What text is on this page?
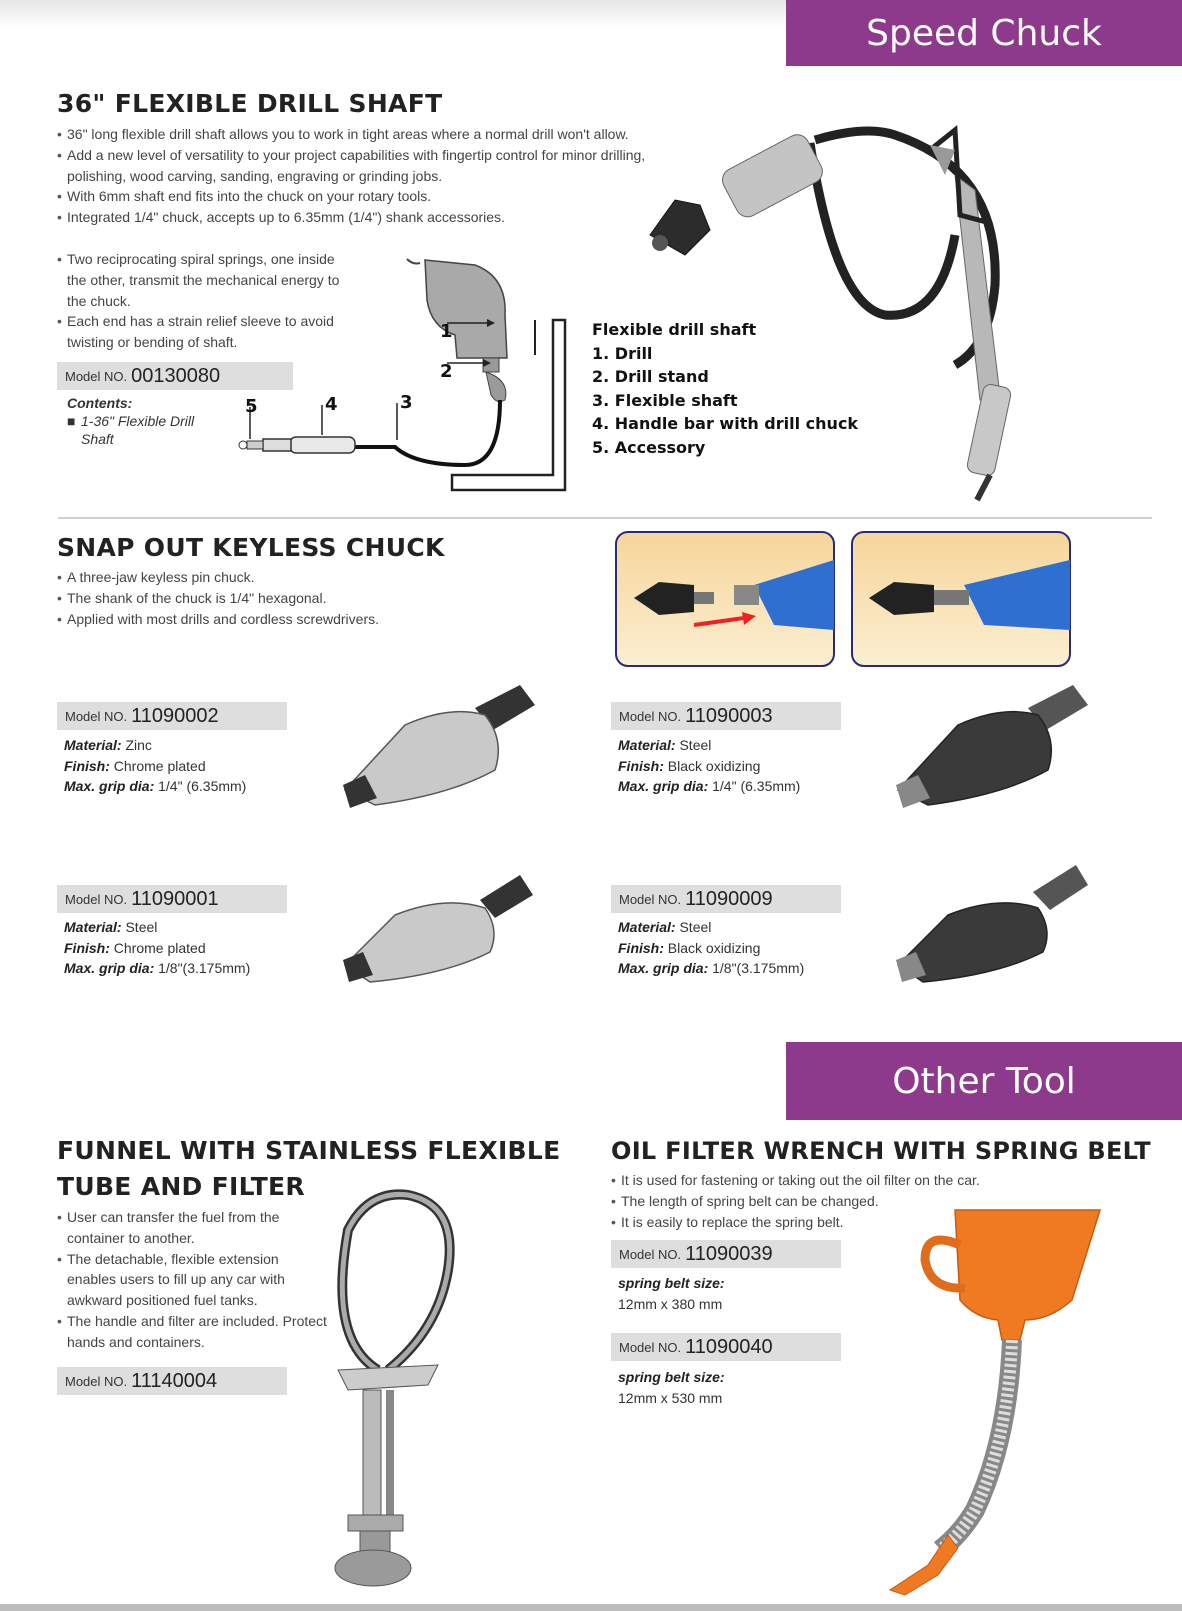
Speed Chuck
Other Tool
36" FLEXIBLE DRILL SHAFT
• 36" long flexible drill shaft allows you to work in tight areas where a normal drill won't allow.
• Add a new level of versatility to your project capabilities with fingertip control for minor drilling, polishing, wood carving, sanding, engraving or grinding jobs.
• With 6mm shaft end fits into the chuck on your rotary tools.
• Integrated 1/4" chuck, accepts up to 6.35mm (1/4") shank accessories.
• Two reciprocating spiral springs, one inside the other, transmit the mechanical energy to the chuck.
• Each end has a strain relief sleeve to avoid twisting or bending of shaft.
Model NO. 00130080
Contents:
■ 1-36" Flexible Drill Shaft
1
2
3
4
5
Flexible drill shaft
1. Drill
2. Drill stand
3. Flexible shaft
4. Handle bar with drill chuck
5. Accessory
SNAP OUT KEYLESS CHUCK
• A three-jaw keyless pin chuck.
• The shank of the chuck is 1/4" hexagonal.
• Applied with most drills and cordless screwdrivers.
Model NO. 11090002
Material: Zinc
Finish: Chrome plated
Max. grip dia: 1/4" (6.35mm)
Model NO. 11090003
Material: Steel
Finish: Black oxidizing
Max. grip dia: 1/4" (6.35mm)
Model NO. 11090001
Material: Steel
Finish: Chrome plated
Max. grip dia: 1/8"(3.175mm)
Model NO. 11090009
Material: Steel
Finish: Black oxidizing
Max. grip dia: 1/8"(3.175mm)
FUNNEL WITH STAINLESS FLEXIBLE
TUBE AND FILTER
• User can transfer the fuel from the container to another.
• The detachable, flexible extension enables users to fill up any car with awkward positioned fuel tanks.
• The handle and filter are included. Protect hands and containers.
Model NO. 11140004
OIL FILTER WRENCH WITH SPRING BELT
• It is used for fastening or taking out the oil filter on the car.
• The length of spring belt can be changed.
• It is easily to replace the spring belt.
Model NO. 11090039
spring belt size:
12mm x 380 mm
Model NO. 11090040
spring belt size:
12mm x 530 mm
